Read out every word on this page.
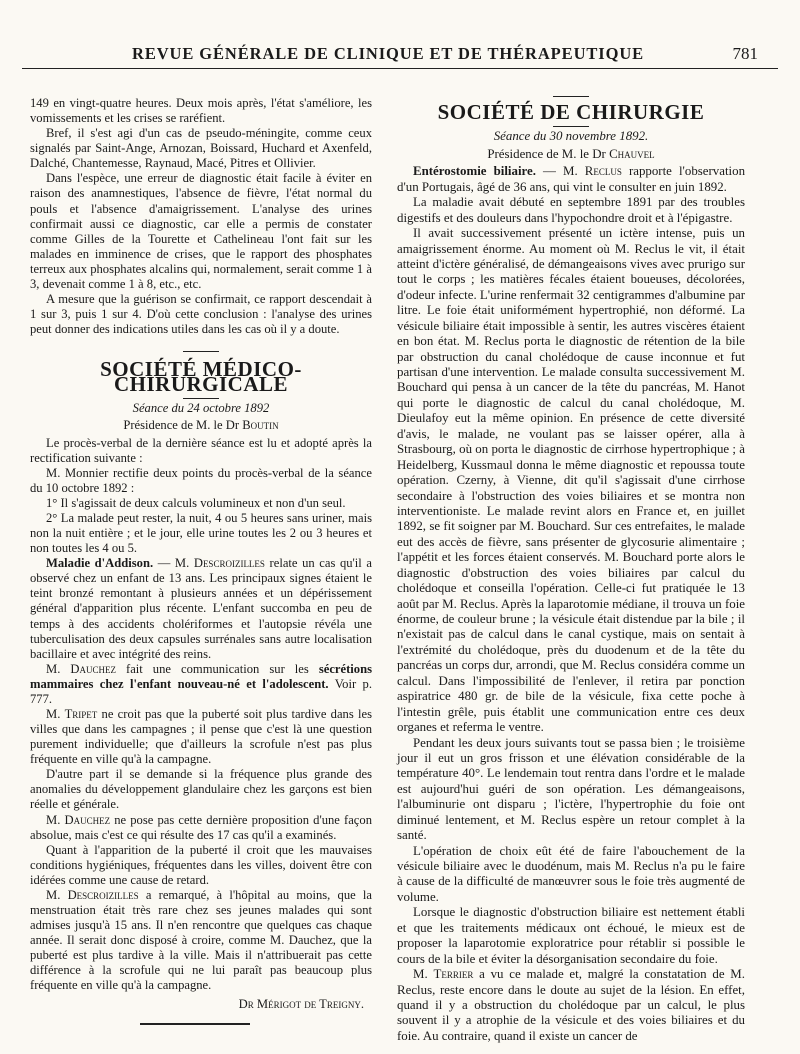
REVUE GÉNÉRALE DE CLINIQUE ET DE THÉRAPEUTIQUE	781

149 en vingt-quatre heures. Deux mois après, l'état s'améliore, les vomissements et les crises se raréfient.

Bref, il s'est agi d'un cas de pseudo-méningite, comme ceux signalés par Saint-Ange, Arnozan, Boissard, Huchard et Axenfeld, Dalché, Chantemesse, Raynaud, Macé, Pitres et Ollivier.

Dans l'espèce, une erreur de diagnostic était facile à éviter en raison des anamnestiques, l'absence de fièvre, l'état normal du pouls et l'absence d'amaigrissement. L'analyse des urines confirmait aussi ce diagnostic, car elle a permis de constater comme Gilles de la Tourette et Cathelineau l'ont fait sur les malades en imminence de crises, que le rapport des phosphates terreux aux phosphates alcalins qui, normalement, serait comme 1 à 3, devenait comme 1 à 8, etc., etc.

A mesure que la guérison se confirmait, ce rapport descendait à 1 sur 3, puis 1 sur 4. D'où cette conclusion : l'analyse des urines peut donner des indications utiles dans les cas où il y a doute.

SOCIÉTÉ MÉDICO-CHIRURGICALE

Séance du 24 octobre 1892

Présidence de M. le Dr Boutin

Le procès-verbal de la dernière séance est lu et adopté après la rectification suivante :

M. Monnier rectifie deux points du procès-verbal de la séance du 10 octobre 1892 :

1° Il s'agissait de deux calculs volumineux et non d'un seul.

2° La malade peut rester, la nuit, 4 ou 5 heures sans uriner, mais non la nuit entière ; et le jour, elle urine toutes les 2 ou 3 heures et non toutes les 4 ou 5.

Maladie d'Addison. — M. Descroizilles relate un cas qu'il a observé chez un enfant de 13 ans. Les principaux signes étaient le teint bronzé remontant à plusieurs années et un dépérissement général d'apparition plus récente. L'enfant succomba en peu de temps à des accidents cholériformes et l'autopsie révéla une tuberculisation des deux capsules surrénales sans autre localisation bacillaire et avec intégrité des reins.

M. Dauchez fait une communication sur les sécrétions mammaires chez l'enfant nouveau-né et l'adolescent. Voir p. 777.

M. Tripet ne croit pas que la puberté soit plus tardive dans les villes que dans les campagnes ; il pense que c'est là une question purement individuelle; que d'ailleurs la scrofule n'est pas plus fréquente en ville qu'à la campagne.

D'autre part il se demande si la fréquence plus grande des anomalies du développement glandulaire chez les garçons est bien réelle et générale.

M. Dauchez ne pose pas cette dernière proposition d'une façon absolue, mais c'est ce qui résulte des 17 cas qu'il a examinés.

Quant à l'apparition de la puberté il croit que les mauvaises conditions hygiéniques, fréquentes dans les villes, doivent être con idérées comme une cause de retard.

M. Descroizilles a remarqué, à l'hôpital au moins, que la menstruation était très rare chez ses jeunes malades qui sont admises jusqu'à 15 ans. Il n'en rencontre que quelques cas chaque année. Il serait donc disposé à croire, comme M. Dauchez, que la puberté est plus tardive à la ville. Mais il n'attribuerait pas cette différence à la scrofule qui ne lui paraît pas beaucoup plus fréquente en ville qu'à la campagne.

Dr Mérigot de Treigny.

SOCIÉTÉ DE CHIRURGIE

Séance du 30 novembre 1892.

Présidence de M. le Dr Chauvel

Entérostomie biliaire. — M. Reclus rapporte l'observation d'un Portugais, âgé de 36 ans, qui vint le consulter en juin 1892.

La maladie avait débuté en septembre 1891 par des troubles digestifs et des douleurs dans l'hypochondre droit et à l'épigastre.

Il avait successivement présenté un ictère intense, puis un amaigrissement énorme. Au moment où M. Reclus le vit, il était atteint d'ictère généralisé, de démangeaisons vives avec prurigo sur tout le corps ; les matières fécales étaient boueuses, décolorées, d'odeur infecte. L'urine renfermait 32 centigrammes d'albumine par litre. Le foie était uniformément hypertrophié, non déformé. La vésicule biliaire était impossible à sentir, les autres viscères étaient en bon état. M. Reclus porta le diagnostic de rétention de la bile par obstruction du canal cholédoque de cause inconnue et fut partisan d'une intervention. Le malade consulta successivement M. Bouchard qui pensa à un cancer de la tête du pancréas, M. Hanot qui porte le diagnostic de calcul du canal cholédoque, M. Dieulafoy eut la même opinion. En présence de cette diversité d'avis, le malade, ne voulant pas se laisser opérer, alla à Strasbourg, où on porta le diagnostic de cirrhose hypertrophique ; à Heidelberg, Kussmaul donna le même diagnostic et repoussa toute opération. Czerny, à Vienne, dit qu'il s'agissait d'une cirrhose secondaire à l'obstruction des voies biliaires et se montra non interventioniste. Le malade revint alors en France et, en juillet 1892, se fit soigner par M. Bouchard. Sur ces entrefaites, le malade eut des accès de fièvre, sans présenter de glycosurie alimentaire ; l'appétit et les forces étaient conservés. M. Bouchard porte alors le diagnostic d'obstruction des voies biliaires par calcul du cholédoque et conseilla l'opération. Celle-ci fut pratiquée le 13 août par M. Reclus. Après la laparotomie médiane, il trouva un foie énorme, de couleur brune ; la vésicule était distendue par la bile ; il n'existait pas de calcul dans le canal cystique, mais on sentait à l'extrémité du cholédoque, près du duodenum et de la tête du pancréas un corps dur, arrondi, que M. Reclus considéra comme un calcul. Dans l'impossibilité de l'enlever, il retira par ponction aspiratrice 480 gr. de bile de la vésicule, fixa cette poche à l'intestin grêle, puis établit une communication entre ces deux organes et referma le ventre.

Pendant les deux jours suivants tout se passa bien ; le troisième jour il eut un gros frisson et une élévation considérable de la température 40°. Le lendemain tout rentra dans l'ordre et le malade est aujourd'hui guéri de son opération. Les démangeaisons, l'albuminurie ont disparu ; l'ictère, l'hypertrophie du foie ont diminué lentement, et M. Reclus espère un retour complet à la santé.

L'opération de choix eût été de faire l'abouchement de la vésicule biliaire avec le duodénum, mais M. Reclus n'a pu le faire à cause de la difficulté de manœuvrer sous le foie très augmenté de volume.

Lorsque le diagnostic d'obstruction biliaire est nettement établi et que les traitements médicaux ont échoué, le mieux est de proposer la laparotomie exploratrice pour rétablir si possible le cours de la bile et éviter la désorganisation secondaire du foie.

M. Terrier a vu ce malade et, malgré la constatation de M. Reclus, reste encore dans le doute au sujet de la lésion. En effet, quand il y a obstruction du cholédoque par un calcul, le plus souvent il y a atrophie de la vésicule et des voies biliaires et du foie. Au contraire, quand il existe un cancer de
